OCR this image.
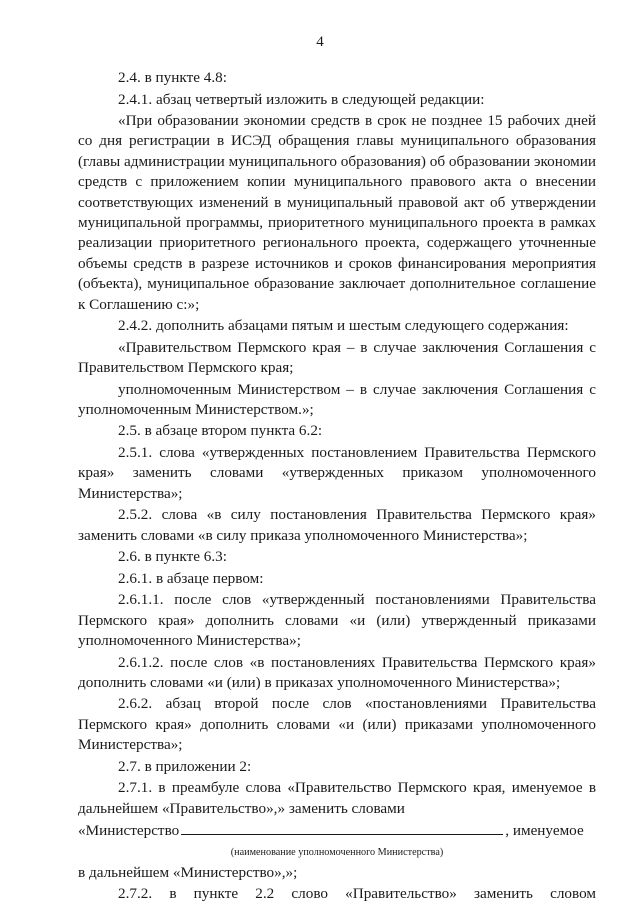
4

2.4. в пункте 4.8:

2.4.1. абзац четвертый изложить в следующей редакции:

«При образовании экономии средств в срок не позднее 15 рабочих дней со дня регистрации в ИСЭД обращения главы муниципального образования (главы администрации муниципального образования) об образовании экономии средств с приложением копии муниципального правового акта о внесении соответствующих изменений в муниципальный правовой акт об утверждении муниципальной программы, приоритетного муниципального проекта в рамках реализации приоритетного регионального проекта, содержащего уточненные объемы средств в разрезе источников и сроков финансирования мероприятия (объекта), муниципальное образование заключает дополнительное соглашение к Соглашению с:»;

2.4.2. дополнить абзацами пятым и шестым следующего содержания:

«Правительством Пермского края – в случае заключения Соглашения с Правительством Пермского края;

уполномоченным Министерством – в случае заключения Соглашения с уполномоченным Министерством.»;

2.5. в абзаце втором пункта 6.2:

2.5.1. слова «утвержденных постановлением Правительства Пермского края» заменить словами «утвержденных приказом уполномоченного Министерства»;

2.5.2. слова «в силу постановления Правительства Пермского края» заменить словами «в силу приказа уполномоченного Министерства»;

2.6. в пункте 6.3:

2.6.1. в абзаце первом:

2.6.1.1. после слов «утвержденный постановлениями Правительства Пермского края» дополнить словами «и (или) утвержденный приказами уполномоченного Министерства»;

2.6.1.2. после слов «в постановлениях Правительства Пермского края» дополнить словами «и (или) в приказах уполномоченного Министерства»;

2.6.2. абзац второй после слов «постановлениями Правительства Пермского края» дополнить словами «и (или) приказами уполномоченного Министерства»;

2.7. в приложении 2:

2.7.1. в преамбуле слова «Правительство Пермского края, именуемое в дальнейшем «Правительство»,» заменить словами

«Министерство	, именуемое
(наименование уполномоченного Министерства)

в дальнейшем «Министерство»,»;

2.7.2. в пункте 2.2 слово «Правительство» заменить словом
